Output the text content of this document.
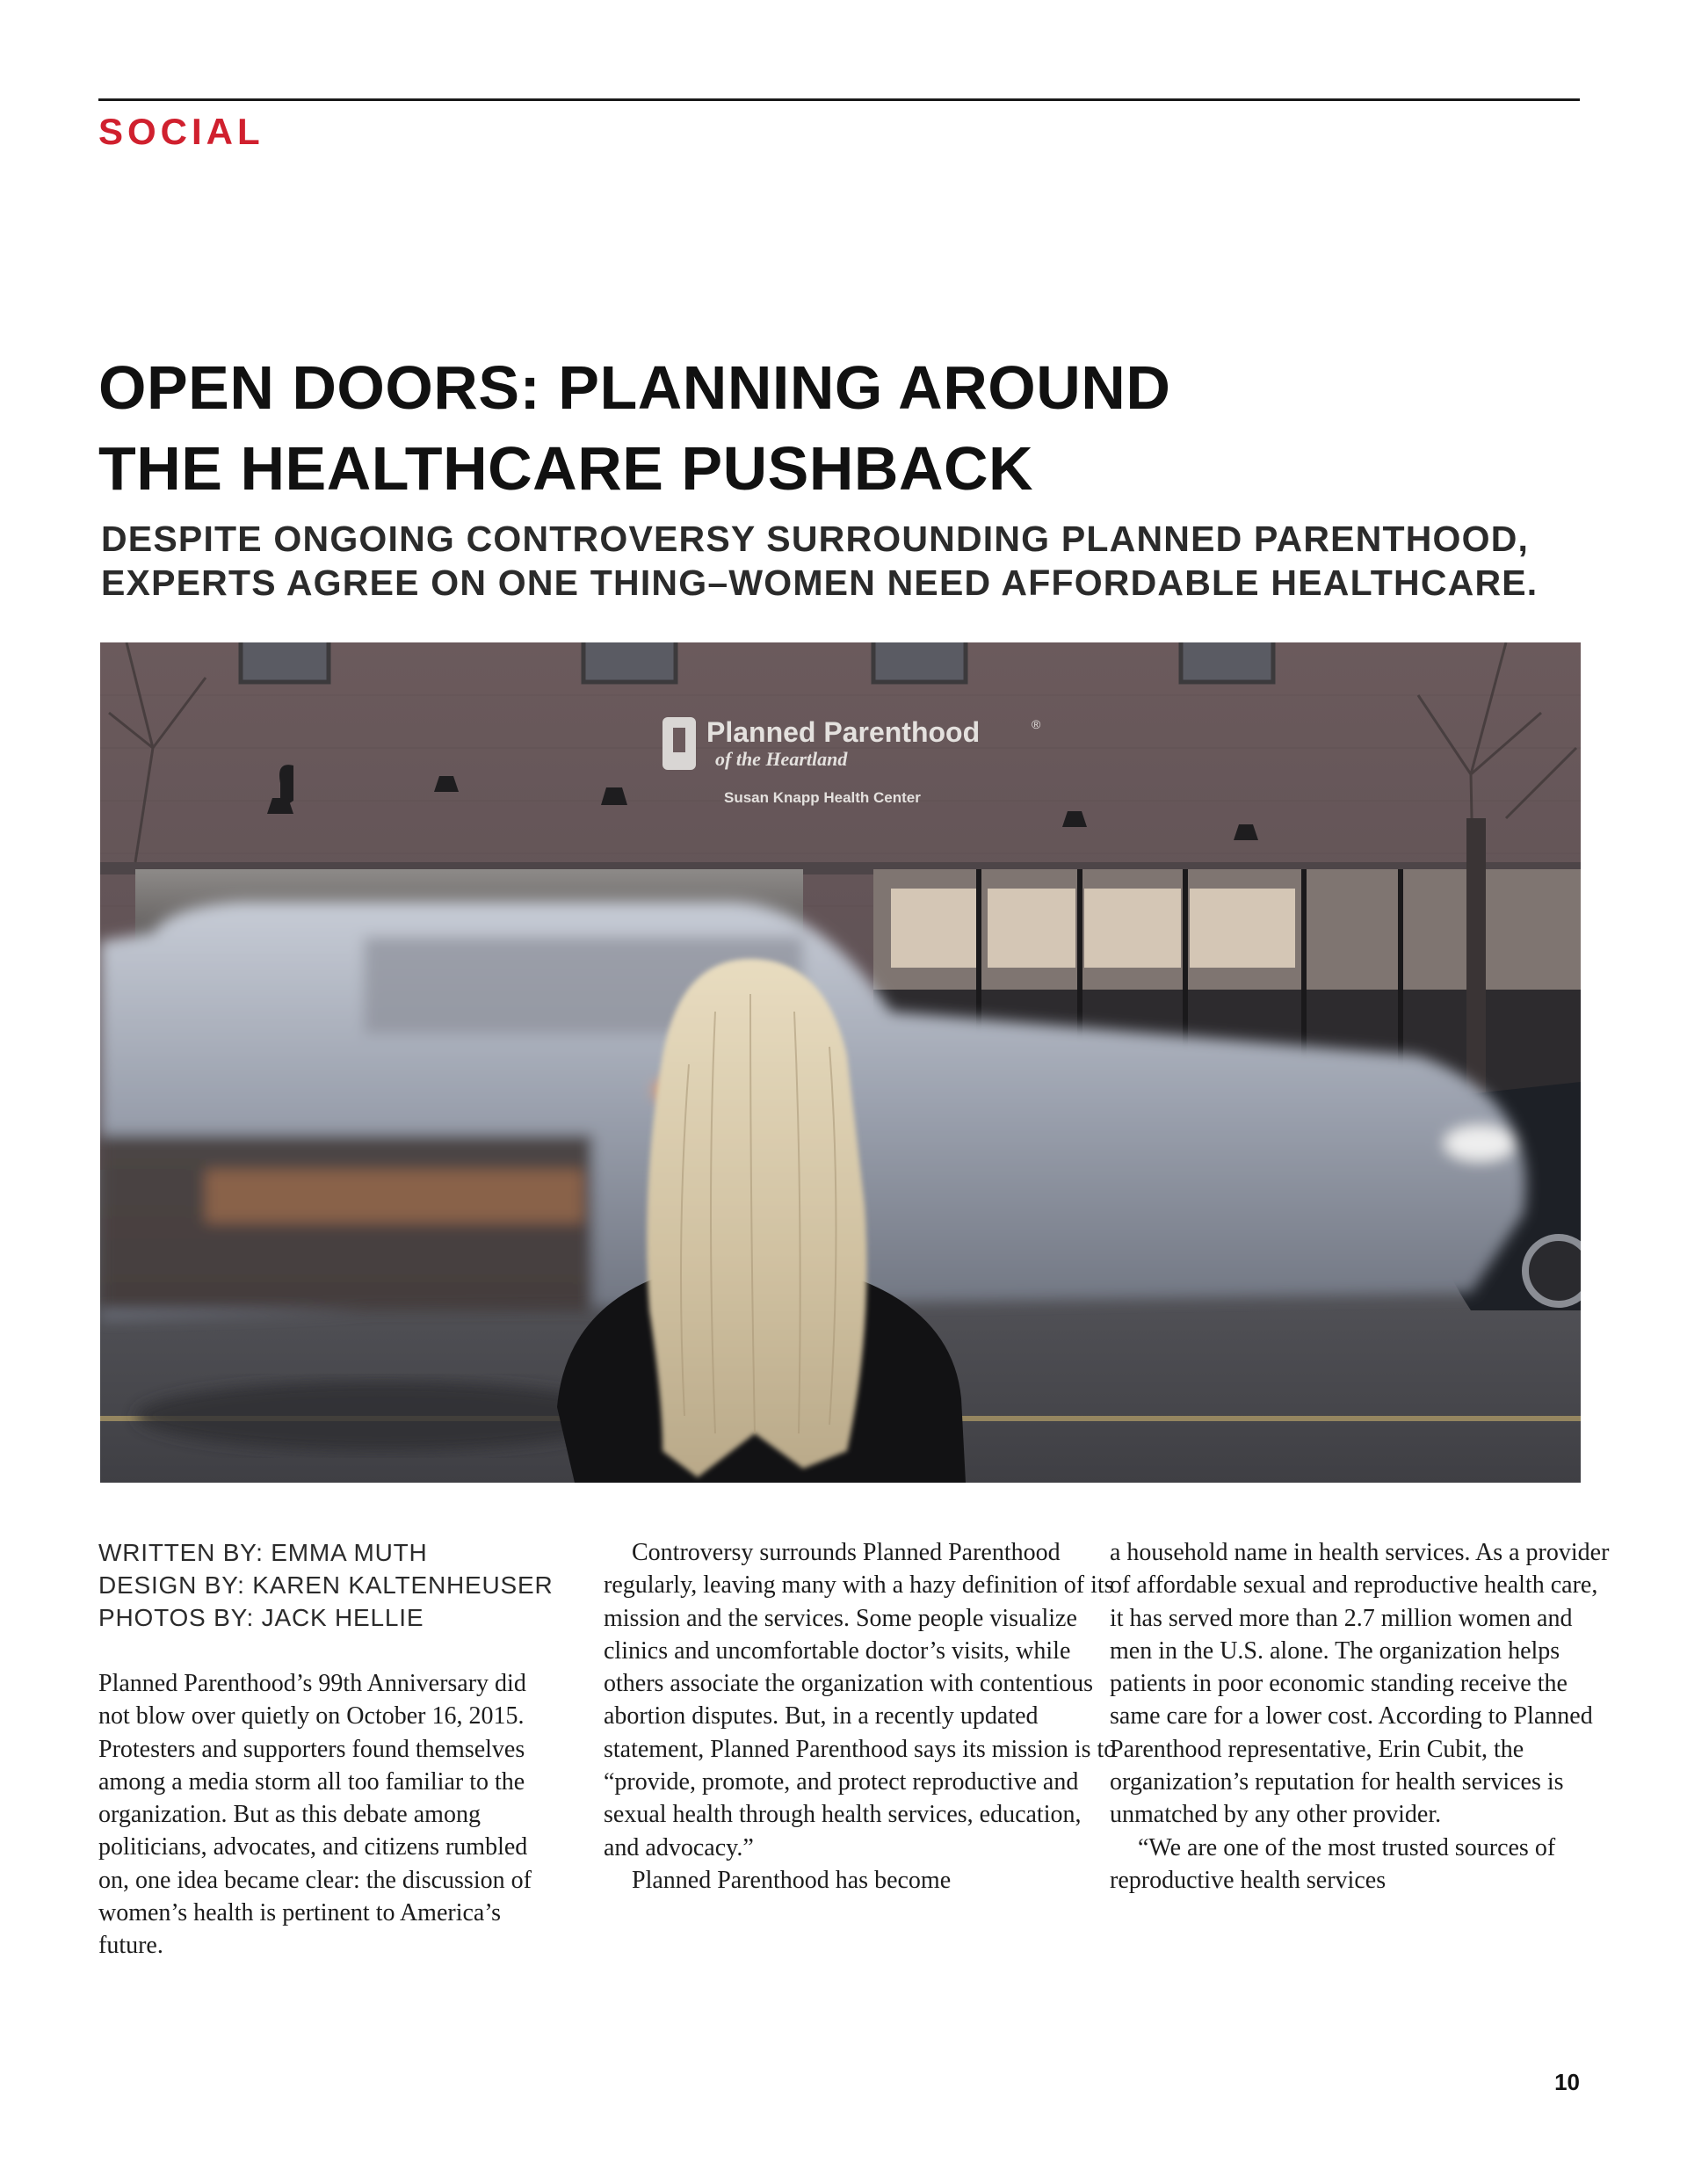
SOCIAL
OPEN DOORS: PLANNING AROUND
THE HEALTHCARE PUSHBACK
DESPITE ONGOING CONTROVERSY SURROUNDING PLANNED PARENTHOOD,
EXPERTS AGREE ON ONE THING–WOMEN NEED AFFORDABLE HEALTHCARE.
Planned Parenthood	®
of the Heartland
Susan Knapp Health Center
WRITTEN BY: EMMA MUTH
DESIGN BY: KAREN KALTENHEUSER
PHOTOS BY: JACK HELLIE

Planned Parenthood’s 99th Anniversary did not blow over quietly on October 16, 2015. Protesters and supporters found themselves among a media storm all too familiar to the organization. But as this debate among politicians, advocates, and citizens rumbled on, one idea became clear: the discussion of women’s health is pertinent to America’s future.

Controversy surrounds Planned Parenthood regularly, leaving many with a hazy definition of its mission and the services. Some people visualize clinics and uncomfortable doctor’s visits, while others associate the organization with contentious abortion disputes. But, in a recently updated statement, Planned Parenthood says its mission is to “provide, promote, and protect reproductive and sexual health through health services, education, and advocacy.”

Planned Parenthood has become

a household name in health services. As a provider of affordable sexual and reproductive health care, it has served more than 2.7 million women and men in the U.S. alone. The organization helps patients in poor economic standing receive the same care for a lower cost. According to Planned Parenthood representative, Erin Cubit, the organization’s reputation for health services is unmatched by any other provider.

“We are one of the most trusted sources of reproductive health services

10
